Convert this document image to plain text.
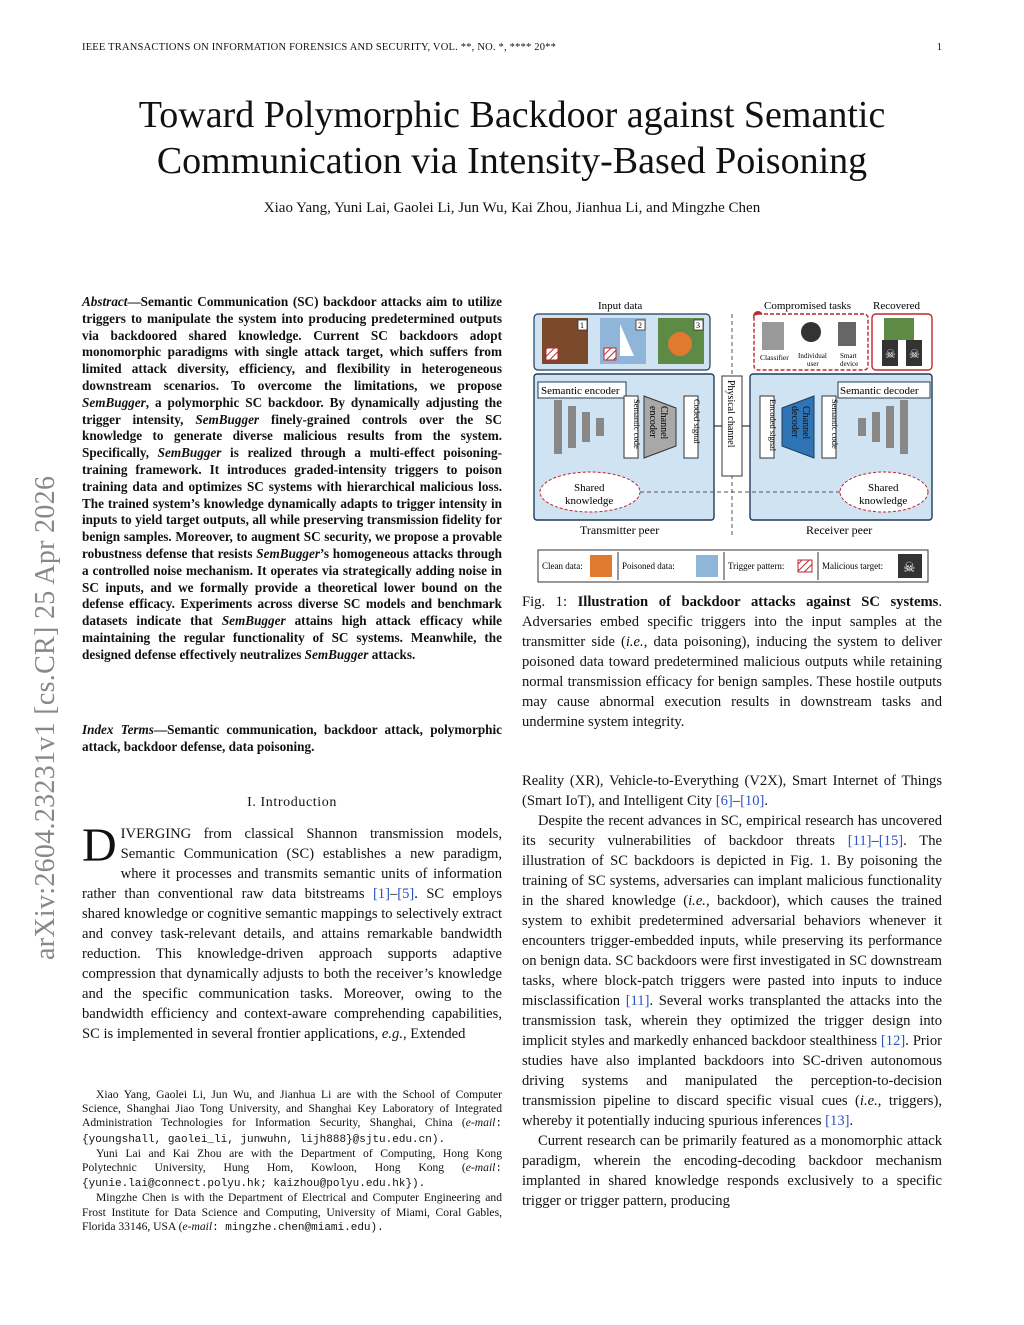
IEEE TRANSACTIONS ON INFORMATION FORENSICS AND SECURITY, VOL. **, NO. *, **** 20**	1
Toward Polymorphic Backdoor against Semantic Communication via Intensity-Based Poisoning
Xiao Yang, Yuni Lai, Gaolei Li, Jun Wu, Kai Zhou, Jianhua Li, and Mingzhe Chen
arXiv:2604.23231v1 [cs.CR] 25 Apr 2026
Abstract—Semantic Communication (SC) backdoor attacks aim to utilize triggers to manipulate the system into producing predetermined outputs via backdoored shared knowledge. Current SC backdoors adopt monomorphic paradigms with single attack target, which suffers from limited attack diversity, efficiency, and flexibility in heterogeneous downstream scenarios. To overcome the limitations, we propose SemBugger, a polymorphic SC backdoor. By dynamically adjusting the trigger intensity, SemBugger finely-grained controls over the SC knowledge to generate diverse malicious results from the system. Specifically, SemBugger is realized through a multi-effect poisoning-training framework. It introduces graded-intensity triggers to poison training data and optimizes SC systems with hierarchical malicious loss. The trained system’s knowledge dynamically adapts to trigger intensity in inputs to yield target outputs, all while preserving transmission fidelity for benign samples. Moreover, to augment SC security, we propose a provable robustness defense that resists SemBugger’s homogeneous attacks through a controlled noise mechanism. It operates via strategically adding noise in SC inputs, and we formally provide a theoretical lower bound on the defense efficacy. Experiments across diverse SC models and benchmark datasets indicate that SemBugger attains high attack efficacy while maintaining the regular functionality of SC systems. Meanwhile, the designed defense effectively neutralizes SemBugger attacks.
Index Terms—Semantic communication, backdoor attack, polymorphic attack, backdoor defense, data poisoning.
I. Introduction
DIVERGING from classical Shannon transmission models, Semantic Communication (SC) establishes a new paradigm, where it processes and transmits semantic units of information rather than conventional raw data bitstreams [1]–[5]. SC employs shared knowledge or cognitive semantic mappings to selectively extract and convey task-relevant details, and attains remarkable bandwidth reduction. This knowledge-driven approach supports adaptive compression that dynamically adjusts to both the receiver’s knowledge and the specific communication tasks. Moreover, owing to the bandwidth efficiency and context-aware comprehending capabilities, SC is implemented in several frontier applications, e.g., Extended

Xiao Yang, Gaolei Li, Jun Wu, and Jianhua Li are with the School of Computer Science, Shanghai Jiao Tong University, and Shanghai Key Laboratory of Integrated Administration Technologies for Information Security, Shanghai, China (e-mail: {youngshall, gaolei_li, junwuhn, lijh888}@sjtu.edu.cn).

Yuni Lai and Kai Zhou are with the Department of Computing, Hong Kong Polytechnic University, Hung Hom, Kowloon, Hong Kong (e-mail: {yunie.lai@connect.polyu.hk; kaizhou@polyu.edu.hk}).

Mingzhe Chen is with the Department of Electrical and Computer Engineering and Frost Institute for Data Science and Computing, University of Miami, Coral Gables, Florida 33146, USA (e-mail: mingzhe.chen@miami.edu).

Input data	Compromised tasks Recovered
1	2	3
Classifier Individual
user
Smart
device
☠ ☠
Semantic encoder
Semantic code Channel
encoder	Coded signal
Shared
knowledge
Physical channel	Semantic decoder
Encoded signal Channel
decoder	Semantic code
Shared
knowledge
Transmitter peer	Receiver peer
Clean data:	Poisoned data:	Trigger pattern:	Malicious target: ☠
Fig. 1: Illustration of backdoor attacks against SC systems. Adversaries embed specific triggers into the input samples at the transmitter side (i.e., data poisoning), inducing the system to deliver poisoned data toward predetermined malicious outputs while retaining normal transmission efficacy for benign samples. These hostile outputs may cause abnormal execution results in downstream tasks and undermine system integrity.

Reality (XR), Vehicle-to-Everything (V2X), Smart Internet of Things (Smart IoT), and Intelligent City [6]–[10].

Despite the recent advances in SC, empirical research has uncovered its security vulnerabilities of backdoor threats [11]–[15]. The illustration of SC backdoors is depicted in Fig. 1. By poisoning the training of SC systems, adversaries can implant malicious functionality in the shared knowledge (i.e., backdoor), which causes the trained system to exhibit predetermined adversarial behaviors whenever it encounters trigger-embedded inputs, while preserving its performance on benign data. SC backdoors were first investigated in SC downstream tasks, where block-patch triggers were pasted into inputs to induce misclassification [11]. Several works transplanted the attacks into the transmission task, wherein they optimized the trigger design into implicit styles and markedly enhanced backdoor stealthiness [12]. Prior studies have also implanted backdoors into SC-driven autonomous driving systems and manipulated the perception-to-decision transmission pipeline to discard specific visual cues (i.e., triggers), whereby it potentially inducing spurious inferences [13].

Current research can be primarily featured as a monomorphic attack paradigm, wherein the encoding-decoding backdoor mechanism implanted in shared knowledge responds exclusively to a specific trigger or trigger pattern, producing
